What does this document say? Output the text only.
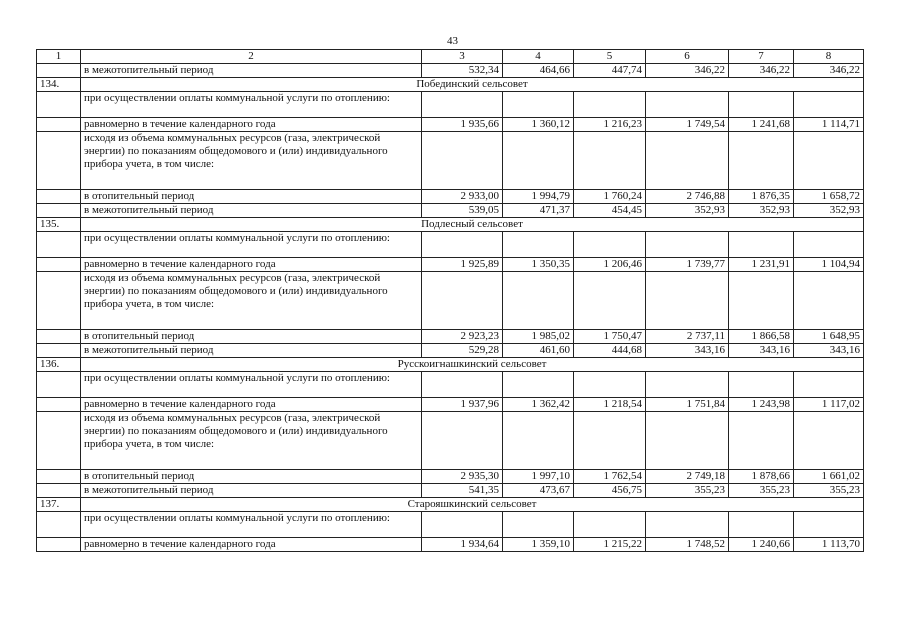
43
1	2	3	4	5	6	7	8
	в межотопительный период	532,34	464,66	447,74	346,22	346,22	346,22
134.	Побединский сельсовет						
	при осуществлении оплаты коммунальной услуги по отоплению:						
	равномерно в течение календарного года	1 935,66	1 360,12	1 216,23	1 749,54	1 241,68	1 114,71
	исходя из объема коммунальных ресурсов (газа, электрической энергии) по показаниям общедомового и (или) индивидуального прибора учета, в том числе:						
	в отопительный период	2 933,00	1 994,79	1 760,24	2 746,88	1 876,35	1 658,72
	в межотопительный период	539,05	471,37	454,45	352,93	352,93	352,93
135.	Подлесный сельсовет						
	при осуществлении оплаты коммунальной услуги по отоплению:						
	равномерно в течение календарного года	1 925,89	1 350,35	1 206,46	1 739,77	1 231,91	1 104,94
	исходя из объема коммунальных ресурсов (газа, электрической энергии) по показаниям общедомового и (или) индивидуального прибора учета, в том числе:						
	в отопительный период	2 923,23	1 985,02	1 750,47	2 737,11	1 866,58	1 648,95
	в межотопительный период	529,28	461,60	444,68	343,16	343,16	343,16
136.	Русскоигнашкинский сельсовет						
	при осуществлении оплаты коммунальной услуги по отоплению:						
	равномерно в течение календарного года	1 937,96	1 362,42	1 218,54	1 751,84	1 243,98	1 117,02
	исходя из объема коммунальных ресурсов (газа, электрической энергии) по показаниям общедомового и (или) индивидуального прибора учета, в том числе:						
	в отопительный период	2 935,30	1 997,10	1 762,54	2 749,18	1 878,66	1 661,02
	в межотопительный период	541,35	473,67	456,75	355,23	355,23	355,23
137.	Старояшкинский сельсовет						
	при осуществлении оплаты коммунальной услуги по отоплению:						
	равномерно в течение календарного года	1 934,64	1 359,10	1 215,22	1 748,52	1 240,66	1 113,70
